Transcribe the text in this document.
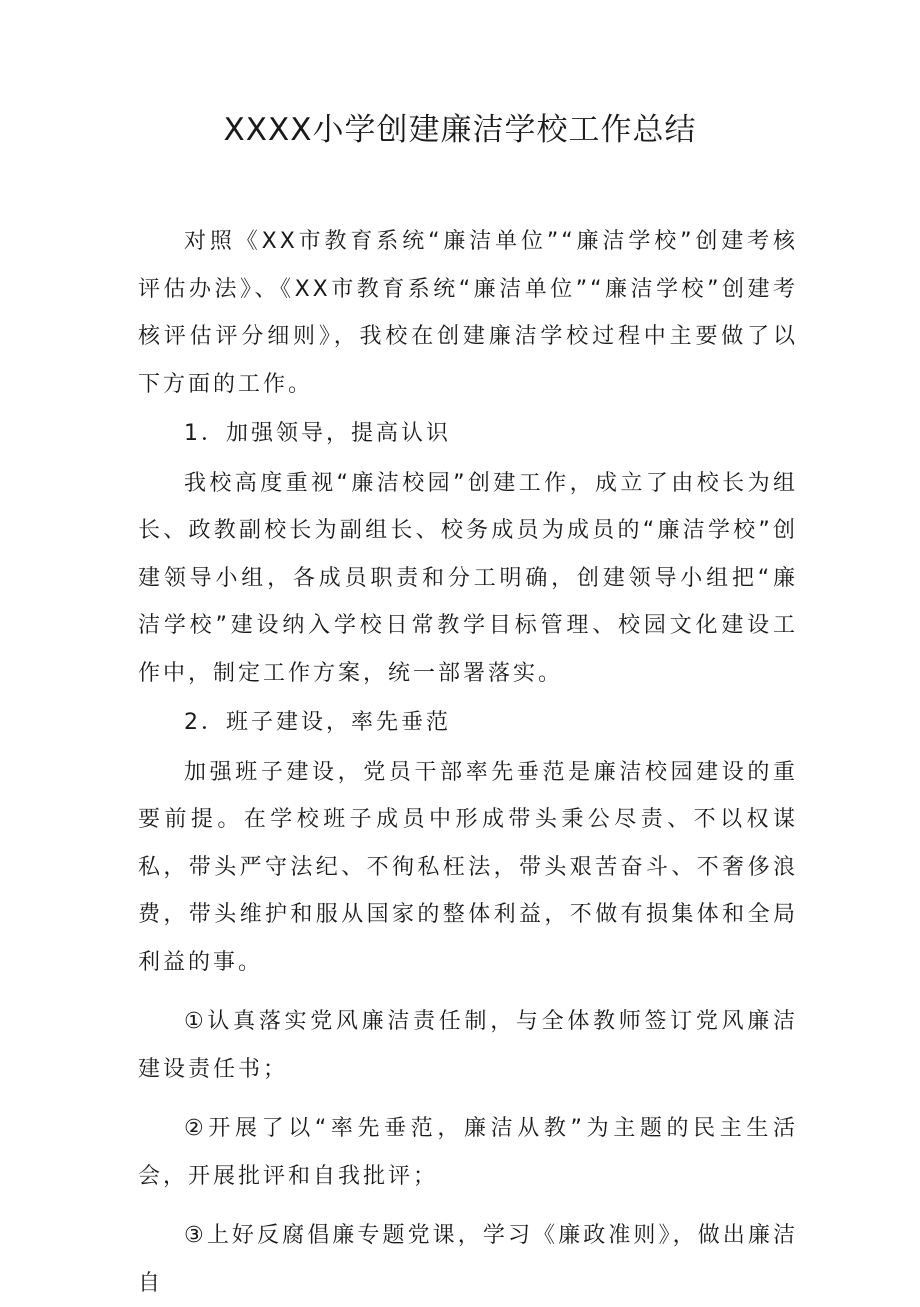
XXXX小学创建廉洁学校工作总结

对照《XX市教育系统“廉洁单位”“廉洁学校”创建考核评估办法》、《XX市教育系统“廉洁单位”“廉洁学校”创建考核评估评分细则》，我校在创建廉洁学校过程中主要做了以下方面的工作。

1．加强领导，提高认识

我校高度重视“廉洁校园”创建工作，成立了由校长为组长、政教副校长为副组长、校务成员为成员的“廉洁学校”创建领导小组，各成员职责和分工明确，创建领导小组把“廉洁学校”建设纳入学校日常教学目标管理、校园文化建设工作中，制定工作方案，统一部署落实。

2．班子建设，率先垂范

加强班子建设，党员干部率先垂范是廉洁校园建设的重要前提。在学校班子成员中形成带头秉公尽责、不以权谋私，带头严守法纪、不徇私枉法，带头艰苦奋斗、不奢侈浪费，带头维护和服从国家的整体利益，不做有损集体和全局利益的事。

①认真落实党风廉洁责任制，与全体教师签订党风廉洁建设责任书；

②开展了以“率先垂范，廉洁从教”为主题的民主生活会，开展批评和自我批评；

③上好反腐倡廉专题党课，学习《廉政准则》，做出廉洁自
